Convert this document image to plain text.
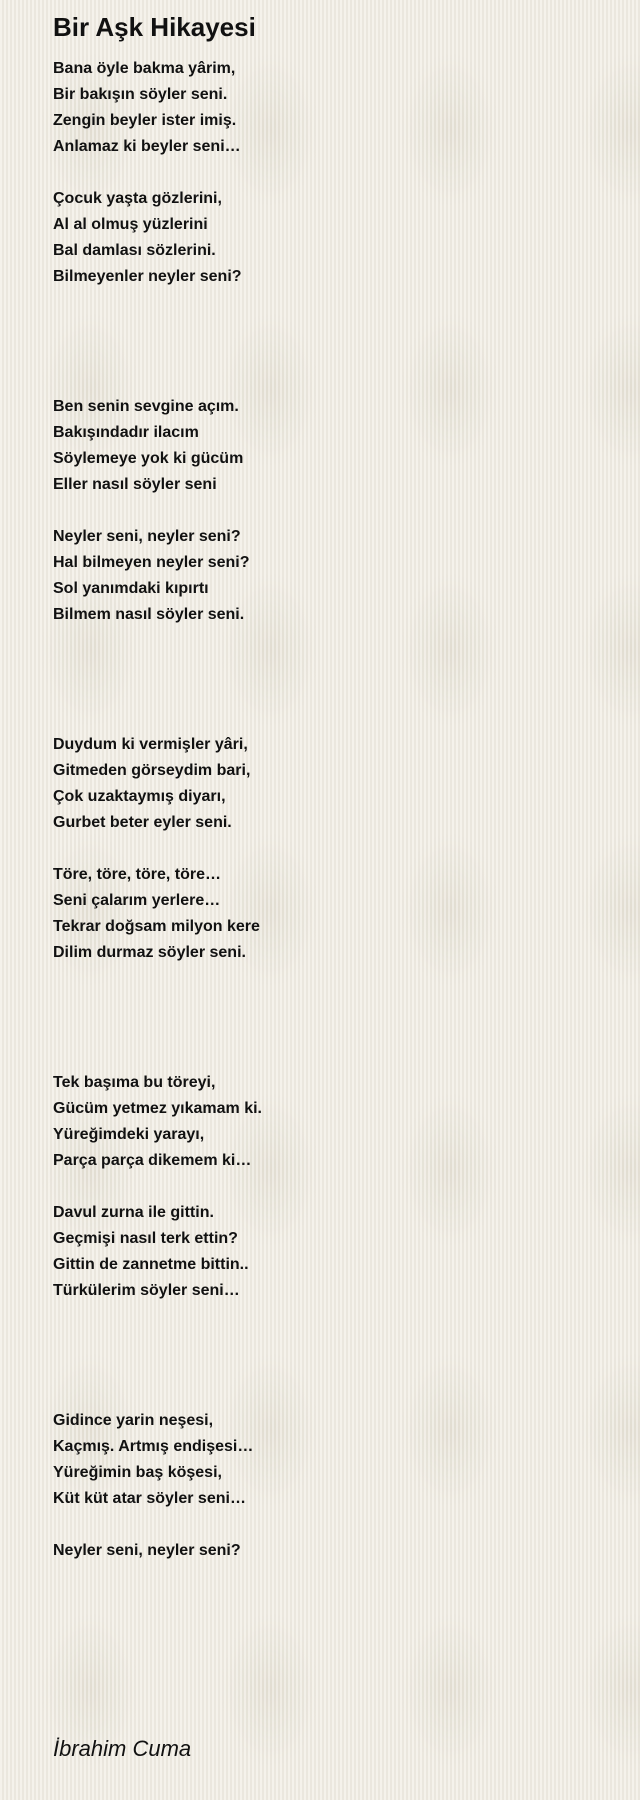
Bir Aşk Hikayesi
Bana öyle bakma yârim,
Bir bakışın söyler seni.
Zengin beyler ister imiş.
Anlamaz ki beyler seni…
Çocuk yaşta gözlerini,
Al al olmuş yüzlerini
Bal damlası sözlerini.
Bilmeyenler neyler seni?
Ben senin sevgine açım.
Bakışındadır ilacım
Söylemeye yok ki gücüm
Eller nasıl söyler seni
Neyler seni, neyler seni?
Hal bilmeyen neyler seni?
Sol yanımdaki kıpırtı
Bilmem nasıl söyler seni.
Duydum ki vermişler yâri,
Gitmeden görseydim bari,
Çok uzaktaymış diyarı,
Gurbet beter eyler seni.
Töre, töre, töre, töre…
Seni çalarım yerlere…
Tekrar doğsam milyon kere
Dilim durmaz söyler seni.
Tek başıma bu töreyi,
Gücüm yetmez yıkamam ki.
Yüreğimdeki yarayı,
Parça parça dikemem ki…
Davul zurna ile gittin.
Geçmişi nasıl terk ettin?
Gittin de zannetme bittin..
Türkülerim söyler seni…
Gidince yarin neşesi,
Kaçmış. Artmış endişesi…
Yüreğimin baş köşesi,
Küt küt atar söyler seni…
Neyler seni, neyler seni?
İbrahim Cuma
